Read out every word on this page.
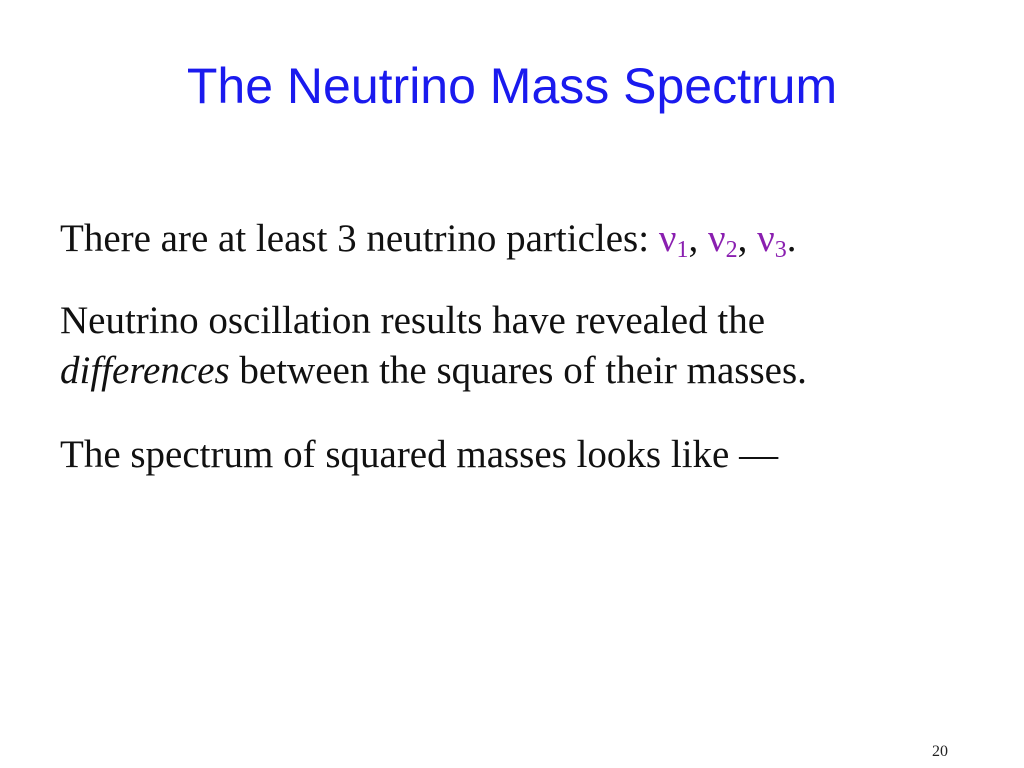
The Neutrino Mass Spectrum

There are at least 3 neutrino particles: $\nu_1$, $\nu_2$, $\nu_3$.

Neutrino oscillation results have revealed the
differences between the squares of their masses.

The spectrum of squared masses looks like —

20
